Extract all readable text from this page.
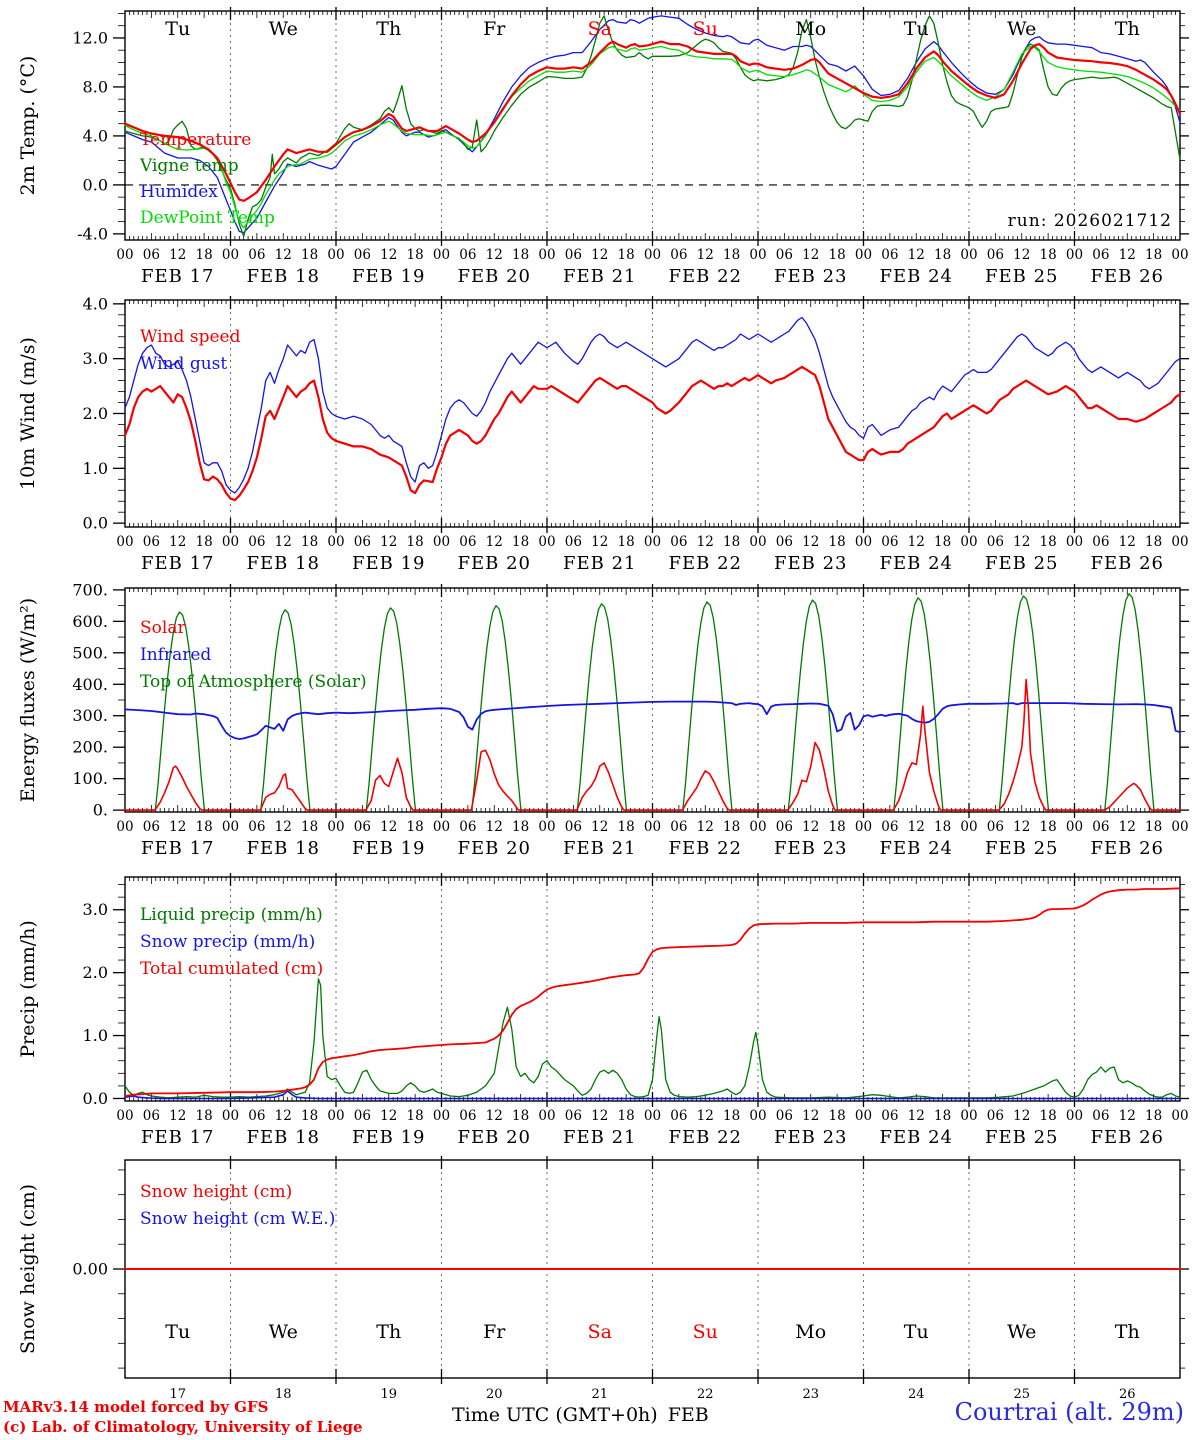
-4.0
0.0
4.0
8.0
12.0
Temperature
Vigne temp
Humidex
DewPoint Temp
2m Temp. (°C)
00 06 12 18 00 06 12 18 00 06 12 18 00 06 12 18 00 06 12 18 00 06 12 18 00 06 12 18 00 06 12 18 00 06 12 18 00 06 12 18 00
FEB 17 FEB 18 FEB 19 FEB 20 FEB 21 FEB 22 FEB 23 FEB 24 FEB 25 FEB 26
Tu	We	Th	Fr	Sa	Su	Mo	Tu	We	Th
run: 2026021712
0.0
1.0
2.0
3.0
4.0
Wind speed
Wind gust
10m Wind (m/s)
00 06 12 18 00 06 12 18 00 06 12 18 00 06 12 18 00 06 12 18 00 06 12 18 00 06 12 18 00 06 12 18 00 06 12 18 00 06 12 18 00
FEB 17 FEB 18 FEB 19 FEB 20 FEB 21 FEB 22 FEB 23 FEB 24 FEB 25 FEB 26
0.
100.
200.
300.
400.
500.
600.
700.
Solar
Infrared
Top of Atmosphere (Solar)
Energy fluxes (W/m²)
00 06 12 18 00 06 12 18 00 06 12 18 00 06 12 18 00 06 12 18 00 06 12 18 00 06 12 18 00 06 12 18 00 06 12 18 00 06 12 18 00
FEB 17 FEB 18 FEB 19 FEB 20 FEB 21 FEB 22 FEB 23 FEB 24 FEB 25 FEB 26
0.0
1.0
2.0
3.0 Liquid precip (mm/h)
Snow precip (mm/h)
Total cumulated (cm)
Precip (mm/h)
00 06 12 18 00 06 12 18 00 06 12 18 00 06 12 18 00 06 12 18 00 06 12 18 00 06 12 18 00 06 12 18 00 06 12 18 00 06 12 18 00
FEB 17 FEB 18 FEB 19 FEB 20 FEB 21 FEB 22 FEB 23 FEB 24 FEB 25 FEB 26
0.00
Snow height (cm)
Snow height (cm W.E.)
Snow height (cm)	Tu	We	Th	Fr	Sa	Su	Mo	Tu	We	Th
17	18	19	20	21	22	23	24	25	26
MARv3.14 model forced by GFS
(c) Lab. of Climatology, University of Liege
Time UTC (GMT+0h) FEB	Courtrai (alt. 29m)
